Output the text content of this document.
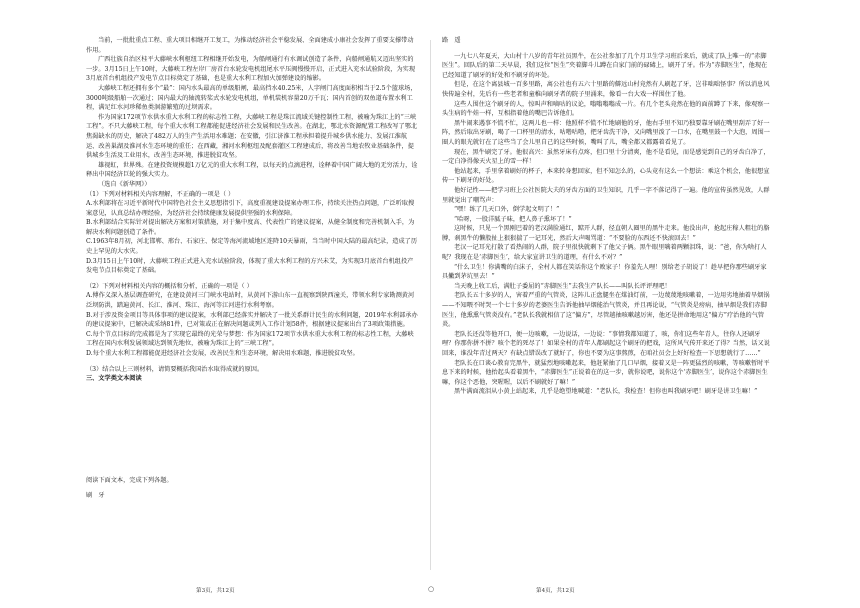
当前，一批批重点工程、重大项目相继开工复工，为推动经济社会平稳发展、全面建成小康社会发挥了重要支撑带动作用。

广西壮族自治区桂平大藤峡水利枢纽工程相继开始发电，为船闸通行有水调试创造了条件，向船闸通航又迈出坚实的一步。3月15日上午10时，大藤峡工程左岸厂房首台水轮发电机组尾水平压阀慢慢开启，正式进入充水试验阶段，为实现3月底首台机组投产发电节点目标奠定了基础，也是重大水利工程加火加弹建设的缩影。

大藤峡工程还拥有多个“最”：国内水头最高的单级船闸，最高挡水40.25米，人字闸门高度面积相当于2.5个篮球场，3000吨级船舶一次通过；国内最大的轴流转桨式水轮发电机组，单机装机容量20万千瓦；国内首创的双鱼道布置水利工程，满足红水河珍稀鱼类洄游繁殖的过坝需求。

作为国家172项节水供水重大水利工程的标志性工程，大藤峡工程是珠江流域关键控制性工程，被喻为珠江上的“三峡工程”。不只大藤峡工程，每个重大水利工程都能促进经济社会发展和民生改善。在湖北，鄂北水资源配置工程改写了鄂北焦渴缺水的历史，解决了482万人的生产生活用水难题；在安徽，引江济淮工程承担着提升城乡供水能力、发展江淮航运、改善巢湖及淮河水生态环境的重任；在西藏，湘河水利枢纽及配套灌区工程建成后，将改善当地农牧业基础条件，提供城乡生活及工业用水，改善生态环境，推进脱贫攻坚。

雄视虹，世界殊。在建投资规模超1万亿元的重大水利工程，以每天的点滴进程，诠释着中国广阔大地的无穷活力，诠释出中国经济巨轮的强大实力。

（选自《新华网》）

（1）下列对材料相关内容理解，不正确的一项是（ ）

A.水利部将在习近平新时代中国特色社会主义思想指引下，高度重视建设提案办理工作，持续关注热点问题，广泛听取搜案意见，认真总结办理经验，为经济社会持续健康发展提供坚强的水利保障。

B.水利部结合实际针对提出解决方案和对策措施，对于集中度高、代表性广的建议提案，从健全制度和完善机制入手，为解决水利问题创造了条件。

C.1963年8月初，河北邯郸、邢台、石家庄、保定等海河流域地区连降10天暴雨，当当时中国大陆的最高纪录，造成了历史上罕见的大水灾。

D.3月15日上午10时，大藤峡工程正式进入充水试验阶段，体现了重大水利工程的方兴未艾，为实现3月底首台机组投产发电节点目标奠定了基础。

（2）下列对材料相关内容的概括和分析，正确的一项是（ ）

A.傅作义深入基层调查研究，在建设黄河三门峡水电站时，从黄河下游山东一直视察到陕西潼关，带领水利专家勘测黄河泛坝防洪，踏遍黄河、长江、淮河、珠江、海河等江河进行水利考察。

B.对于涉及资金项目等具体事项的建议提案，水利部已经落实并解决了一批关系群计民生的水利问题，2019年水利部承办的建议提案中，已解决或采纳81件，已对策或正在解决问题或列入工作计划58件，根据建议提案出台了3项政策措施。

C.每个节点目标的完成都是为了实现它最终的光荣与梦想：作为国家172项节水供水重大水利工程的标志性工程，大藤峡工程在国内水利发展领域达到领先地位，被喻为珠江上的“三峡工程”。

D.每个重大水利工程都能促进经济社会发展，改善民生和生态环境，解决用水难题，推进脱贫攻坚。

（3）结合以上三则材料，请简要概括我国治水取得成就的原因。

三、文学类文本阅读

阅读下面文本，完成下列各题。

刷　牙

第3页，共12页	○

路　遥

一九七八年夏天，大山村十八岁的青年社员黑牛，在公社参加了几个月卫生学习班后来后，就成了队上唯一的“赤脚医生”。回队后的第二天早晨，我们这位“医生”夹着脚斗儿蹲在自家门前的碌碡上，刷开了牙。作为“赤脚医生”，他现在已经知道了刷牙的好处和不刷牙的坏处。

但是，在这个离县城一百多里路，离公社也有五六十里路的僻远山村竟然有人刷起了牙，岂非咄咄怪事？所以消息风快传遍全村，先后有一些老者和童稚向刷牙者的院子里涌来，像看一台大戏一样围住了他。

这些人围住这个刷牙的人，惊叫声和嘀咕的议论，嗡嗡嗡嗡成一片。有几个老头竟然在他的面前蹲了下来，像观察一头生病的牛娃一样，互相指着他的嘴巴告诉他们。

黑牛闹来遇事不慌不忙，这两儿也一样：他照样不慌不忙地刷他的牙，他右手里不知乃独要靠牙刷在嘴里刮弄了好一阵，然后取出牙刷，喝了一口杯里的清水，咕噜咕噜，把牙齿洗干净，又向嘴里泼了一口水，在嘴里鼓一个大泡，周围一圈人的眼光就钉在了这些当了会儿里自己的这些时候，嘴叫了儿，嘴全都又都露着看见了。

现在，黑牛刷完了牙。他很高兴：虽然牙床有点疼，但口里十分清爽，他不是看见，而是感觉到自己的牙齿白净了，一定白净得像天火星上的雪一样！

他站起来，手里拿着刷好的杯子，本来转身想回家，但不知怎么的，心头竟有这么一个想法：乘这个机会，他很想宣传一下刷牙的好处。

他好记性——把学习班上公社医院大夫的牙齿方面的卫生知识，几乎一字不落记得了一遍。他的宣传虽然见效，人群里就觉出了嘲骂声：

“嘿！练了几天口外，倒学起文明了！”

“哈呀，一股洋腻子味，把人鼻子熏坏了！”

这时候，只见一个黑刚巴着的老汉满脸通红，踮开人群，径直朝人圈里的黑牛走来。他没出声，抢起庄稼人粗壮的胳膊，刹黑牛的懒股扯上狠狠揣了一记耳光，然后大声喝骂道：“不要脸的东西还不快滚回去！”

老汉一记耳光打散了看热闹的人群，院子里很快就剩下了他父子俩。黑牛眼里噙着两颗泪珠，说：“爸，你为啥打人呢？我现在是‘赤脚医生’，给大家宣讲卫生的道理，有什么不对？”

“什么卫生！你满嘴的白沫子，全村人都在笑话你这个败家子！你羞先人哩！别给老子胡说了！趁早把你那些刷牙家具撇到茅坑里去！”

当天晚上收工后，满肚子委屈的“赤脚医生”去我生产队长——叫队长评评理吧！

老队长五十多岁的人，害着严重的气管炎，这阵儿正盘腿坐在煤油灯前，一边蔑蔑地咳嗽着，一边用劣地抽着旱烟锅——不知喂不时哭一个七十多岁的老婆医生告诉他抽早烟能治气管炎，并且再论说，“气管炎是痨病，抽早烟是我们赤脚医生，他熏熏气管炎没有。”老队长我就相信了这“偏方”，尽管越抽咳嗽越厉害，他还是拼命地用这“偏方”疗治他的气管炎。

老队长还没等他开口，便一边咳嗽，一边说话，一边说：“事情我都知道了，咳，你们这些年青人，往你人还刷牙哩？你那你拼不拼？咳个老的死尽了！如果全村的青年人都刷起这个刷牙的把戏，这所风气传开来还了得？当然，话又说回来，谁没年青过两天？有缺点错误改了就好了，你也不要为这事熬煎，在咱社员会上好好检查一下思想就行了……”

老队长在口谈心教育完黑牛，就猛烈地咳嗽起来，他赶紧抽了几口早烟，接着又是一阵更猛烈的咳嗽，等咳嗽暂时平息下来的时候，他抬起头看着黑牛，“赤脚医生”正说着在的这一步，就你说吧，说你这个‘赤脚医生’，说你这个赤脚医生嘛，你这个恶他，突喔喔，以后不刷就好了嘛！”

黑牛满面流泪从小黄上站起来，几乎是绝望地喊道：“老队长，我检查！但你也叫我刷牙吧！刷牙是讲卫生嘛！”

第4页，共12页
